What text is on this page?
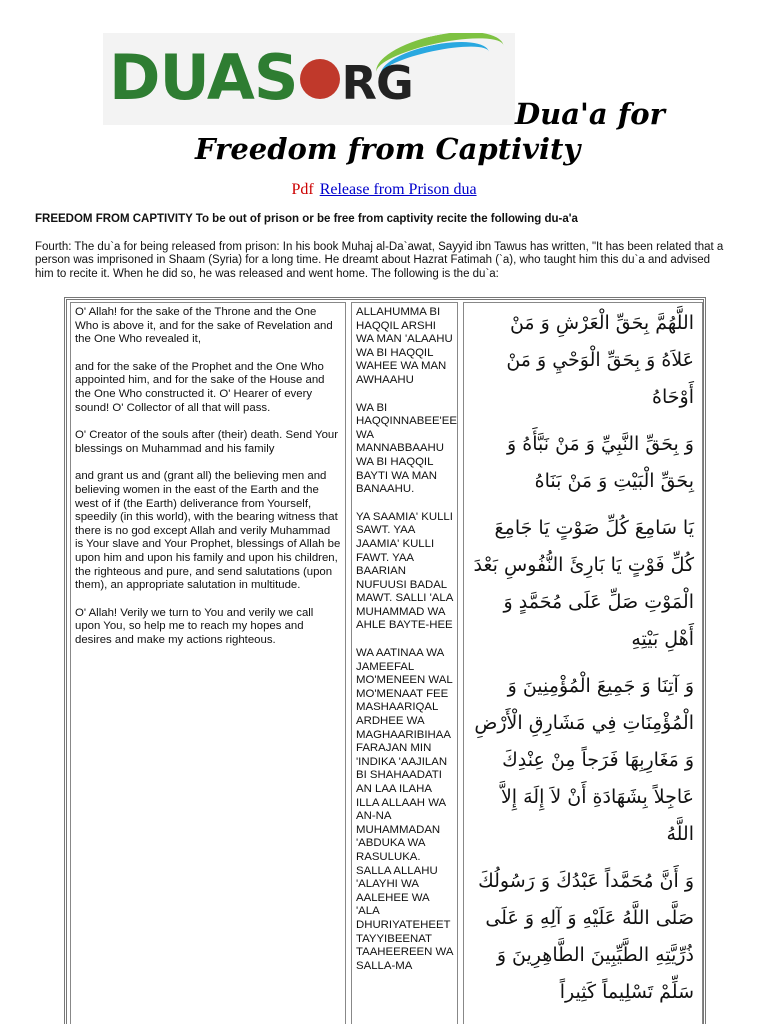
DUAS RG
Dua'a for
Freedom from Captivity
Pdf Release from Prison dua
FREEDOM FROM CAPTIVITY To be out of prison or be free from captivity recite the following du-a'a
Fourth: The du`a for being released from prison: In his book Muhaj al-Da`awat, Sayyid ibn Tawus has written, "It has been related that a person was imprisoned in Shaam (Syria) for a long time. He dreamt about Hazrat Fatimah (`a), who taught him this du`a and advised him to recite it. When he did so, he was released and went home. The following is the du`a:

O' Allah! for the sake of the Throne and the One Who is above it, and for the sake of Revelation and the One Who revealed it,

and for the sake of the Prophet and the One Who appointed him, and for the sake of the House and the One Who constructed it. O' Hearer of every sound! O' Collector of all that will pass.

O' Creator of the souls after (their) death. Send Your blessings on Muhammad and his family

and grant us and (grant all) the believing men and believing women in the east of the Earth and the west of if (the Earth) deliverance from Yourself, speedily (in this world), with the bearing witness that there is no god except Allah and verily Muhammad is Your slave and Your Prophet, blessings of Allah be upon him and upon his family and upon his children, the righteous and pure, and send salutations (upon them), an appropriate salutation in multitude.

O' Allah! Verily we turn to You and verily we call upon You, so help me to reach my hopes and desires and make my actions righteous.

ALLAHUMMA BI HAQQIL ARSHI WA MAN 'ALAAHU WA BI HAQQIL WAHEE WA MAN AWHAAHU

WA BI HAQQINNABEE'EE WA MANNABBAAHU WA BI HAQQIL BAYTI WA MAN BANAAHU.

YA SAAMIA' KULLI SAWT. YAA JAAMIA' KULLI FAWT. YAA BAARIAN NUFUUSI BADAL MAWT. SALLI 'ALA MUHAMMAD WA AHLE BAYTE-HEE

WA AATINAA WA JAMEEFAL MO'MENEEN WAL MO'MENAAT FEE MASHAARIQAL ARDHEE WA MAGHAARIBIHAA FARAJAN MIN 'INDIKA 'AAJILAN BI SHAHAADATI AN LAA ILAHA ILLA ALLAAH WA AN-NA MUHAMMADAN 'ABDUKA WA RASULUKA. SALLA ALLAHU 'ALAYHI WA AALEHEE WA 'ALA DHURIYATEHEET TAYYIBEENAT TAAHEEREEN WA SALLA-MA

اللَّهُمَّ بِحَقِّ الْعَرْشِ وَ مَنْ عَلاَهُ وَ بِحَقِّ الْوَحْيِ وَ مَنْ أَوْحَاهُ

وَ بِحَقِّ النَّبِيِّ وَ مَنْ نَبَّأَهُ وَ بِحَقِّ الْبَيْتِ وَ مَنْ بَنَاهُ

يَا سَامِعَ كُلِّ صَوْتٍ يَا جَامِعَ كُلِّ فَوْتٍ يَا بَارِئَ النُّفُوسِ بَعْدَ الْمَوْتِ صَلِّ عَلَى مُحَمَّدٍ وَ أَهْلِ بَيْتِهِ

وَ آتِنَا وَ جَمِيعَ الْمُؤْمِنِينَ وَ الْمُؤْمِنَاتِ فِي مَشَارِقِ الْأَرْضِ وَ مَغَارِبِهَا فَرَجاً مِنْ عِنْدِكَ عَاجِلاً بِشَهَادَةِ أَنْ لاَ إِلَهَ إِلاَّ اللَّهُ

وَ أَنَّ مُحَمَّداً عَبْدُكَ وَ رَسُولُكَ صَلَّى اللَّهُ عَلَيْهِ وَ آلِهِ وَ عَلَى ذُرِّيَّتِهِ الطَّيِّبِينَ الطَّاهِرِينَ وَ سَلِّمْ تَسْلِيماً كَثِيراً
